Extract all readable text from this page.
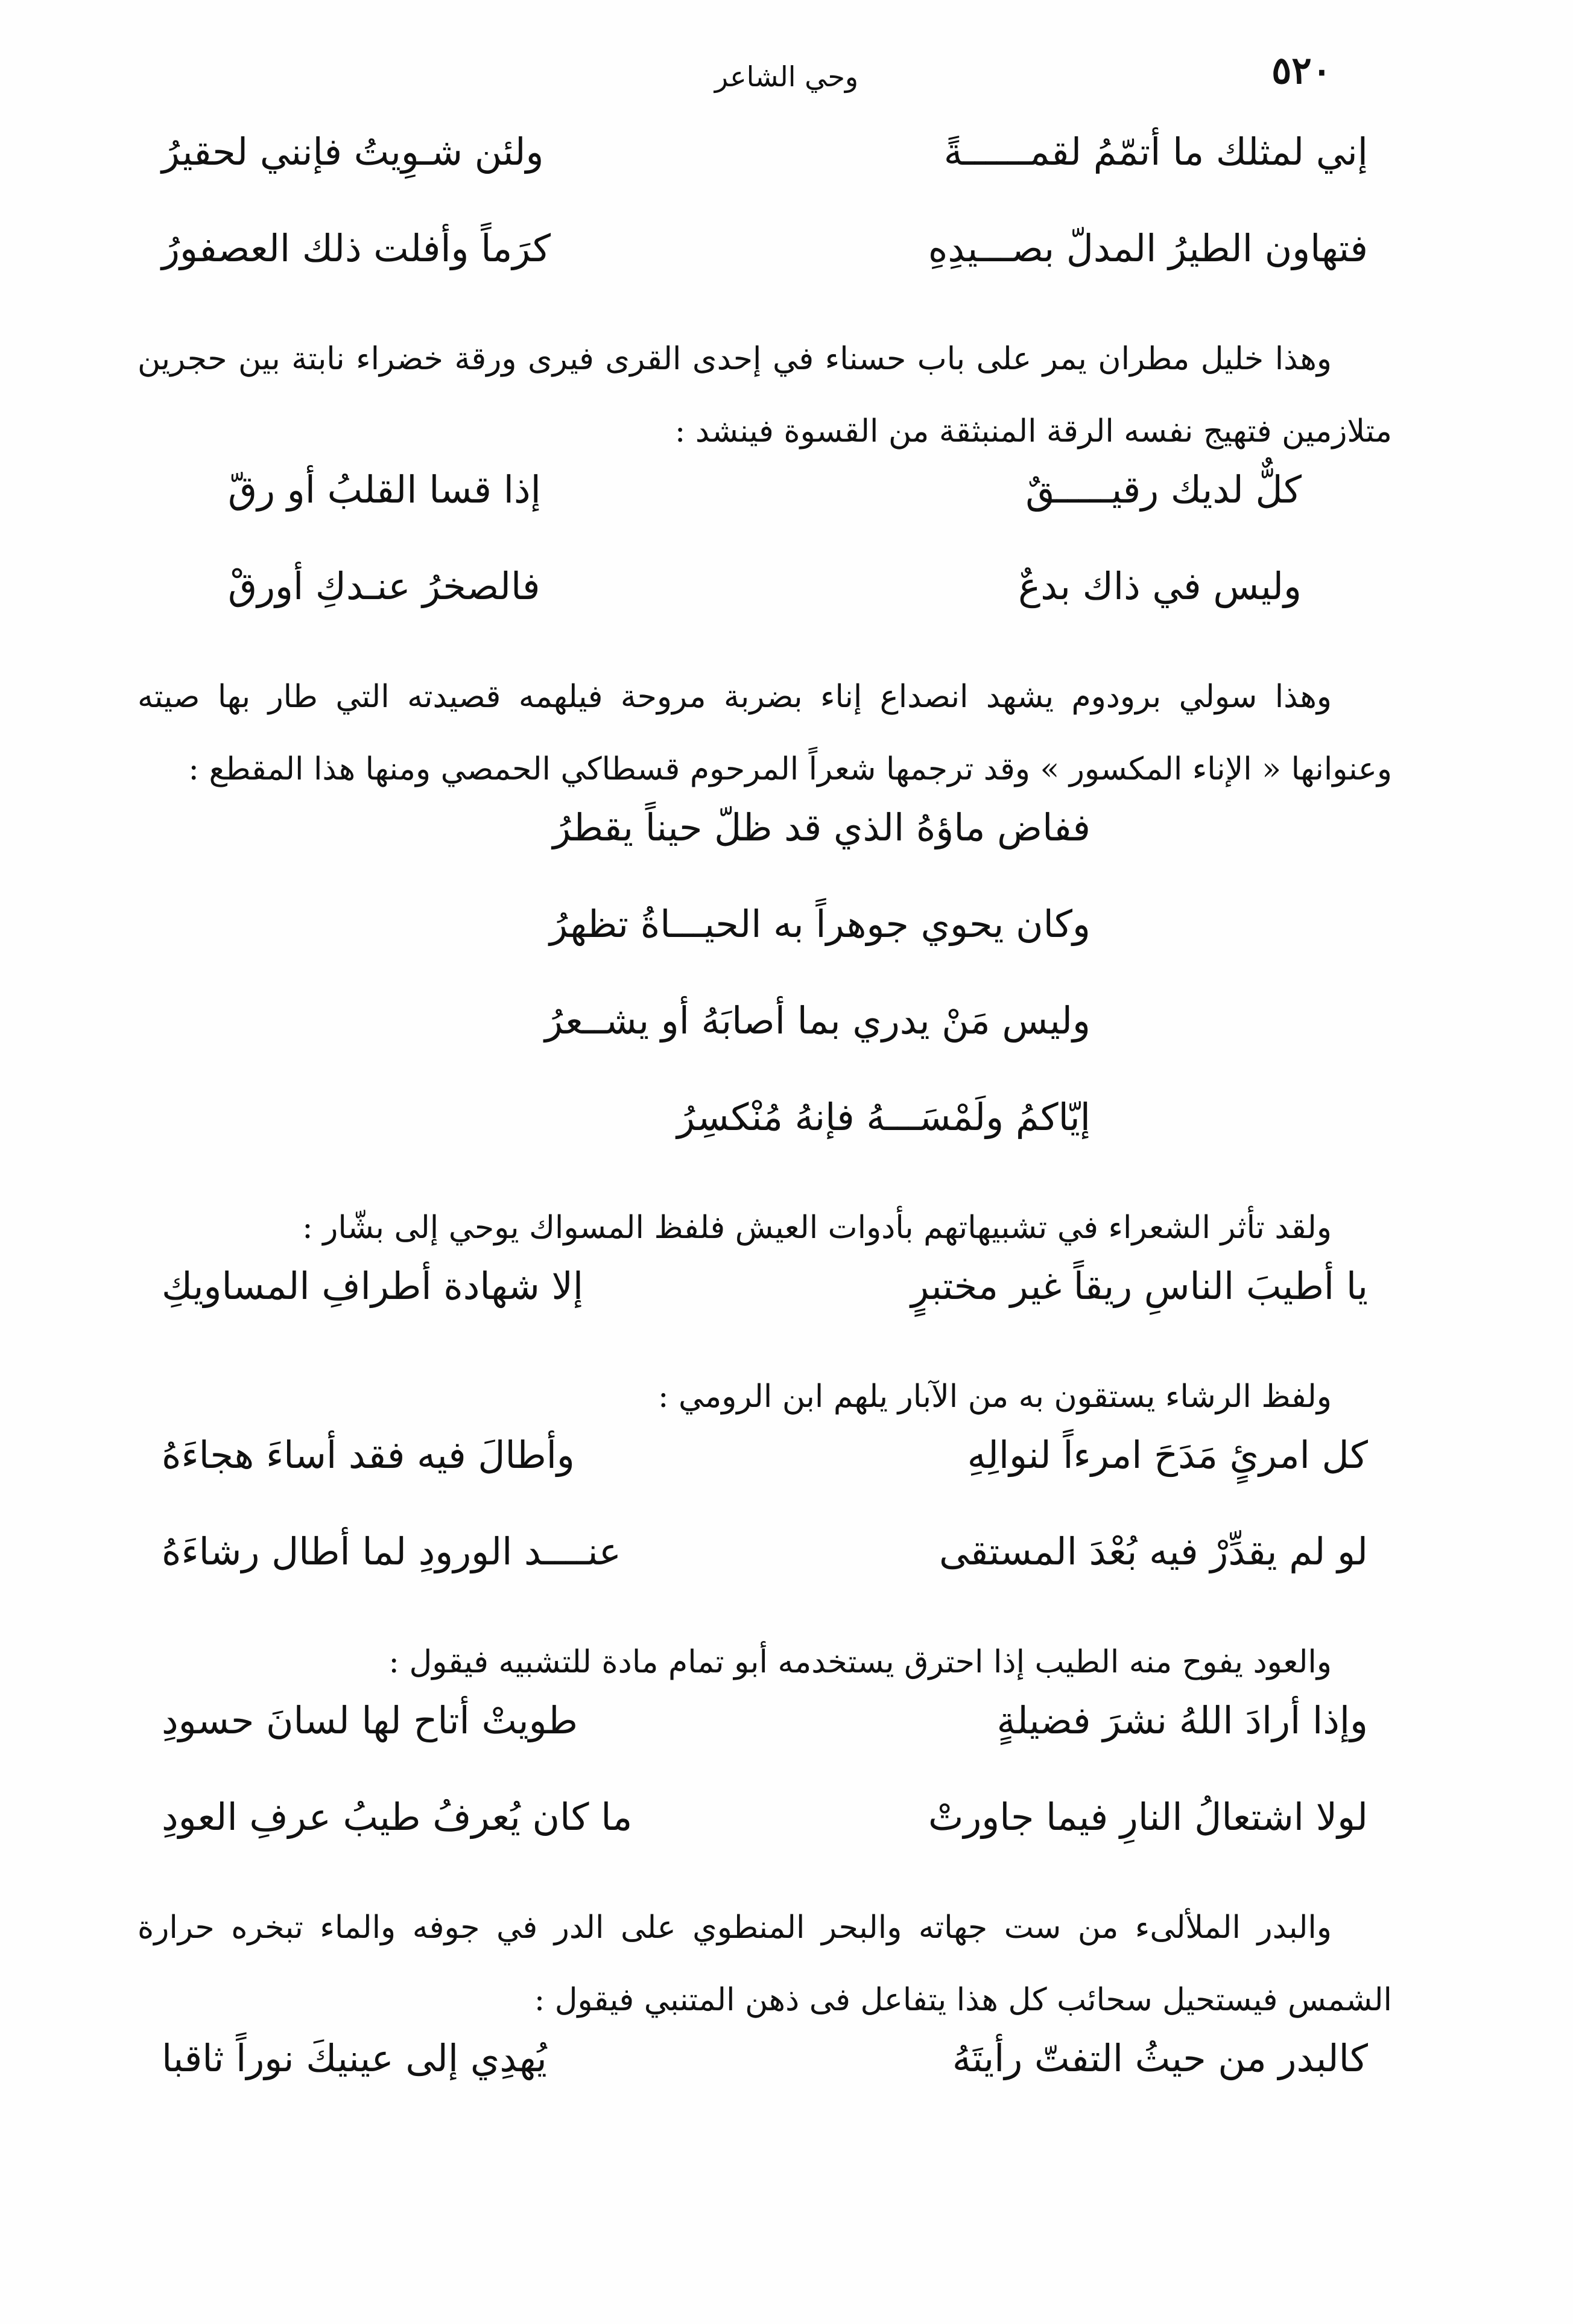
٥٢٠
وحي الشاعر
إني لمثلك ما أتمّمُ لقمــــــةً
ولئن شـوِيتُ فإنني لحقيرُ
فتهاون الطيرُ المدلّ بصـــيدِهِ
كرَماً وأفلت ذلك العصفورُ

وهذا خليل مطران يمر على باب حسناء في إحدى القرى فيرى ورقة خضراء نابتة بين حجرين متلازمين فتهيج نفسه الرقة المنبثقة من القسوة فينشد :

كلٌّ لديك رقيـــــقٌ
إذا قسا القلبُ أو رقّ
وليس في ذاك بدعٌ
فالصخرُ عنـدكِ أورقْ

وهذا سولي برودوم يشهد انصداع إناء بضربة مروحة فيلهمه قصيدته التي طار بها صيته وعنوانها « الإناء المكسور » وقد ترجمها شعراً المرحوم قسطاكي الحمصي ومنها هذا المقطع :

ففاض ماؤهُ الذي قد ظلّ حيناً يقطرُ
وكان يحوي جوهراً به الحيـــاةُ تظهرُ
وليس مَنْ يدري بما أصابَهُ أو يشــعرُ
إيّاكمُ ولَمْسَـــهُ فإنهُ مُنْكسِرُ

ولقد تأثر الشعراء في تشبيهاتهم بأدوات العيش فلفظ المسواك يوحي إلى بشّار :

يا أطيبَ الناسِ ريقاً غير مختبرٍ
إلا شهادة أطرافِ المساويكِ

ولفظ الرشاء يستقون به من الآبار يلهم ابن الرومي :

كل امرئٍ مَدَحَ امرءاً لنوالِهِ
وأطالَ فيه فقد أساءَ هجاءَهُ
لو لم يقدِّرْ فيه بُعْدَ المستقى
عنــــد الورودِ لما أطال رشاءَهُ

والعود يفوح منه الطيب إذا احترق يستخدمه أبو تمام مادة للتشبيه فيقول :

وإذا أرادَ اللهُ نشرَ فضيلةٍ
طويتْ أتاح لها لسانَ حسودِ
لولا اشتعالُ النارِ فيما جاورتْ
ما كان يُعرفُ طيبُ عرفِ العودِ

والبدر الملألىء من ست جهاته والبحر المنطوي على الدر في جوفه والماء تبخره حرارة الشمس فيستحيل سحائب كل هذا يتفاعل فى ذهن المتنبي فيقول :

كالبدر من حيثُ التفتّ رأيتَهُ
يُهدِي إلى عينيكَ نوراً ثاقبا
